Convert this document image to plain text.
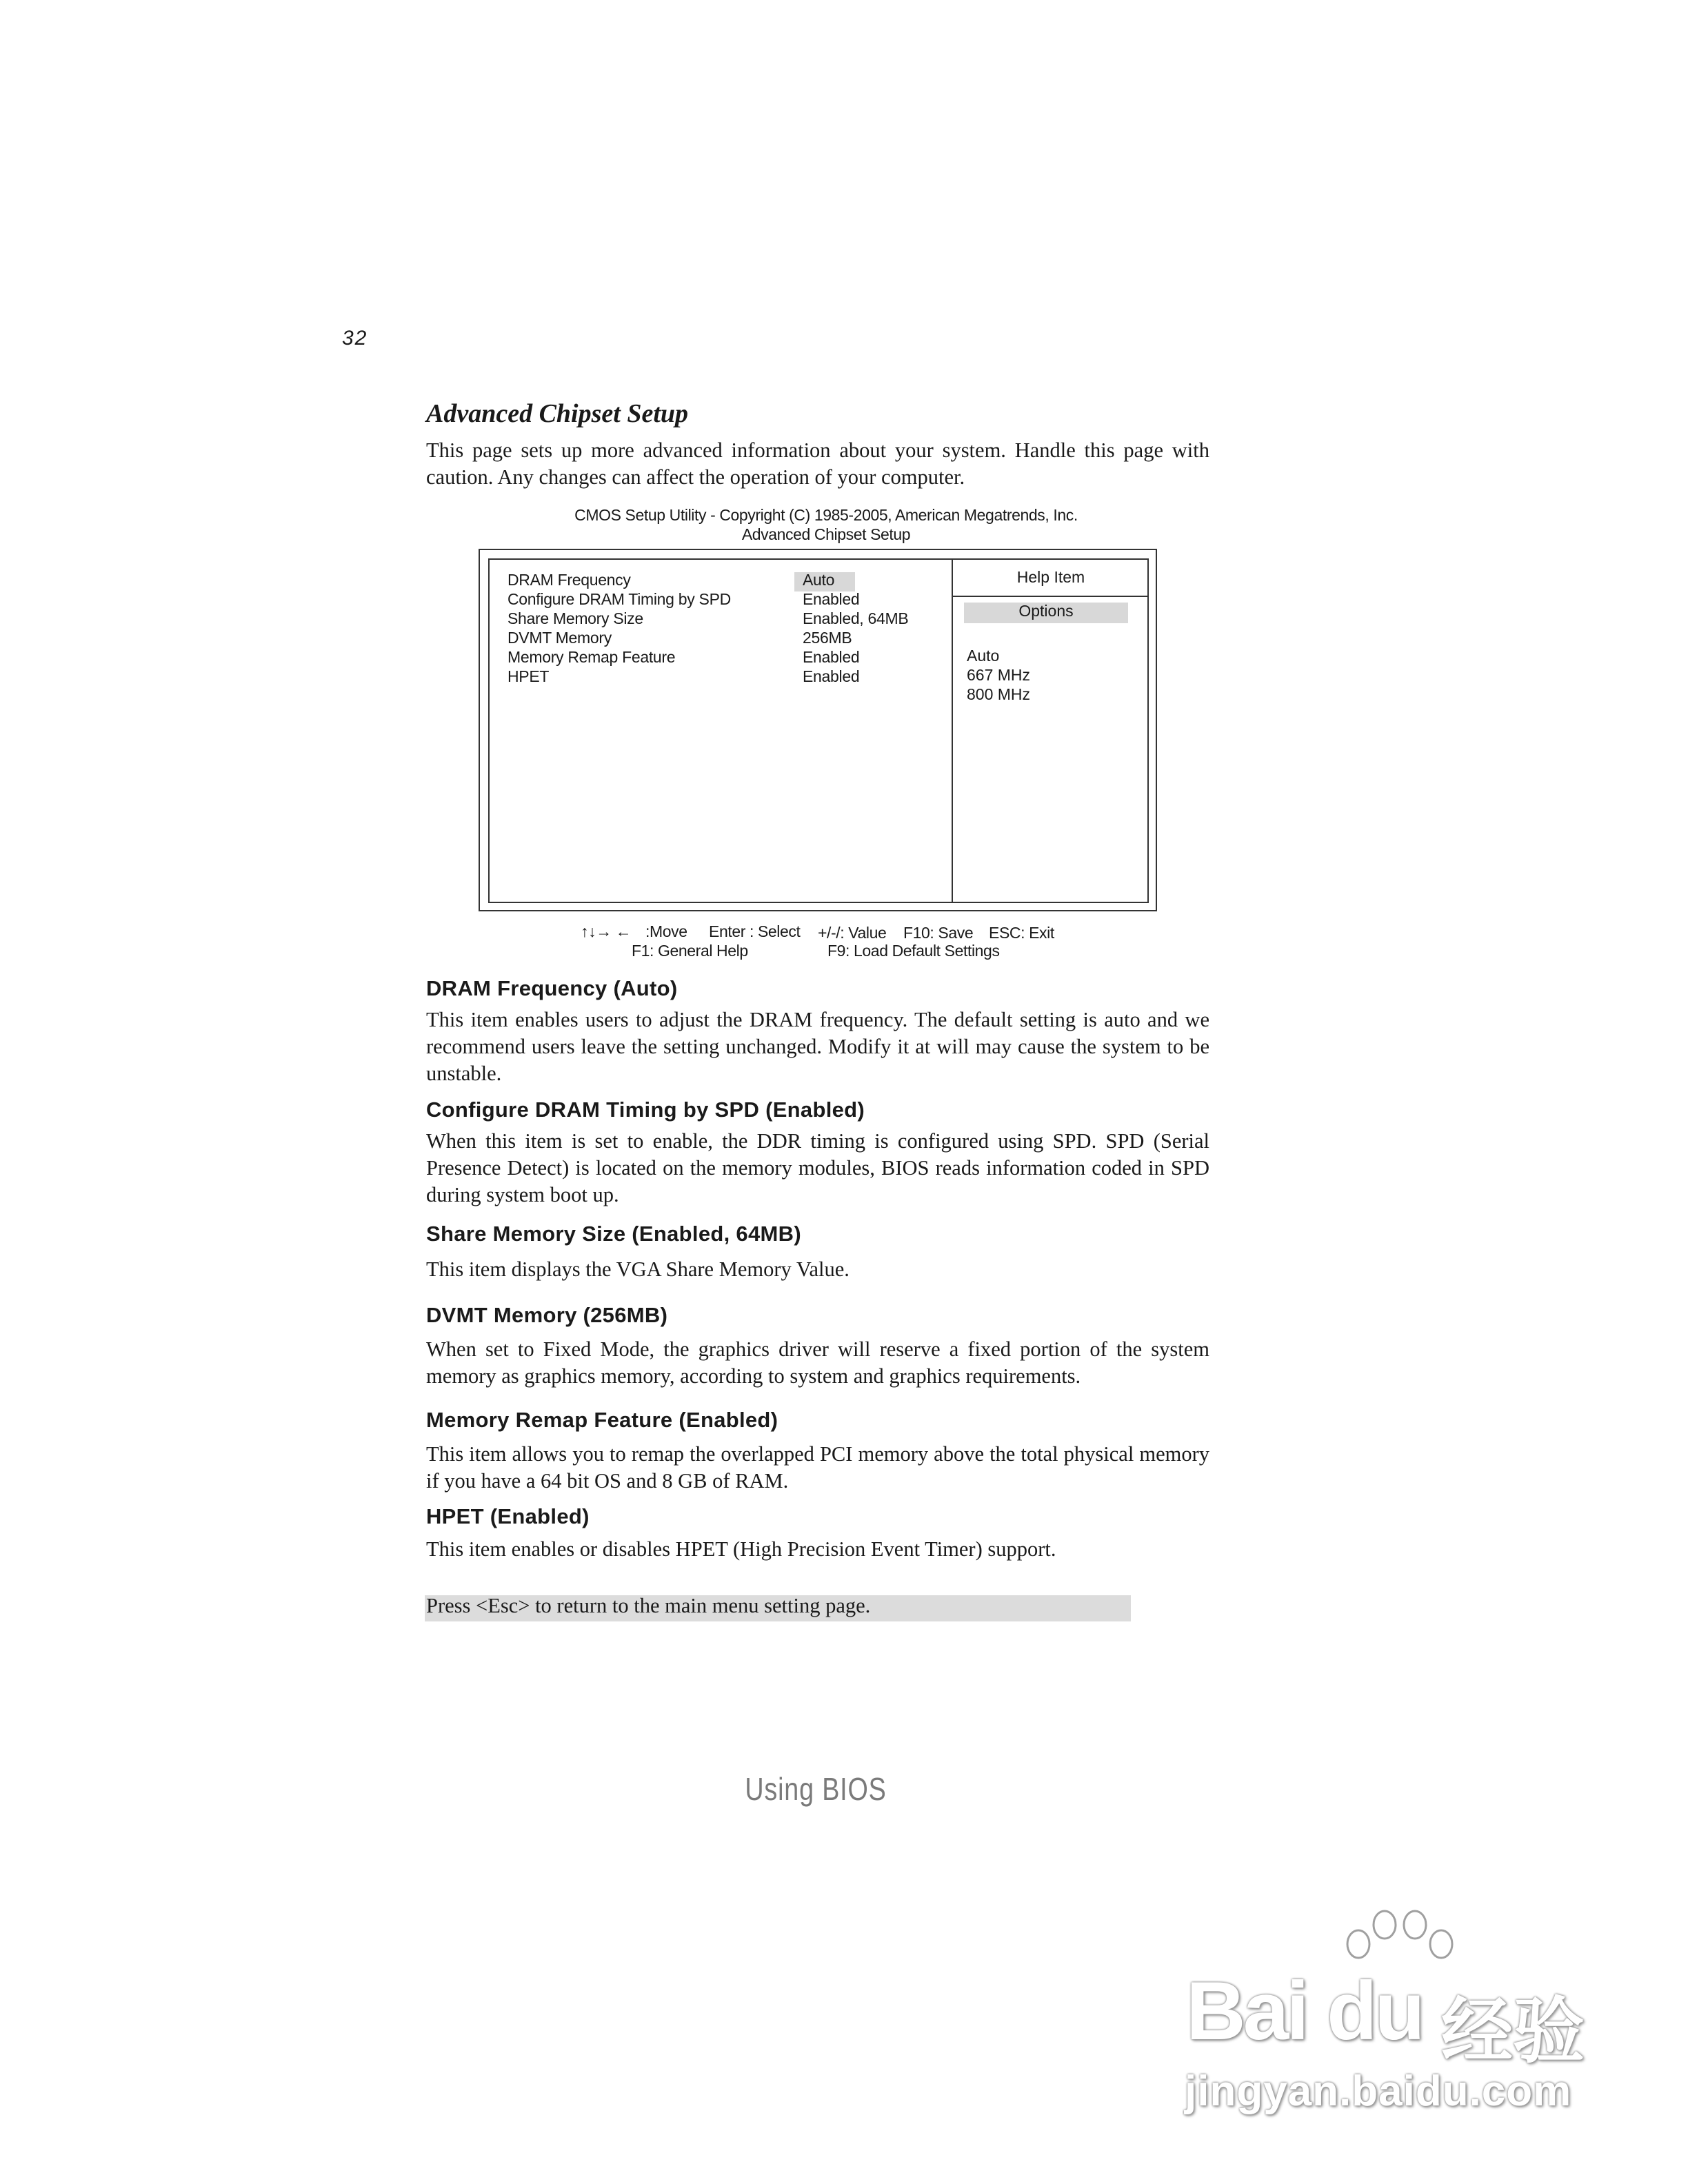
32
Advanced Chipset Setup
This page sets up more advanced information about your system. Handle this page with caution. Any changes can affect the operation of your computer.
CMOS Setup Utility - Copyright (C) 1985-2005, American Megatrends, Inc.
Advanced Chipset Setup
DRAM Frequency	Auto
Configure DRAM Timing by SPD	Enabled
Share Memory Size	Enabled, 64MB
DVMT Memory	256MB
Memory Remap Feature	Enabled
HPET	Enabled
Help Item
Options
Auto
667 MHz
800 MHz
↑↓→ ← :Move Enter : Select +/-/: Value F10: Save ESC: Exit
F1: General Help	F9: Load Default Settings
DRAM Frequency (Auto)
This item enables users to adjust the DRAM frequency. The default setting is auto and we recommend users leave the setting unchanged. Modify it at will may cause the system to be unstable.
Configure DRAM Timing by SPD (Enabled)
When this item is set to enable, the DDR timing is configured using SPD. SPD (Serial Presence Detect) is located on the memory modules, BIOS reads information coded in SPD during system boot up.
Share Memory Size (Enabled, 64MB)
This item displays the VGA Share Memory Value.
DVMT Memory (256MB)
When set to Fixed Mode, the graphics driver will reserve a fixed portion of the system memory as graphics memory, according to system and graphics requirements.
Memory Remap Feature (Enabled)
This item allows you to remap the overlapped PCI memory above the total physical memory if you have a 64 bit OS and 8 GB of RAM.
HPET (Enabled)
This item enables or disables HPET (High Precision Event Timer) support.
Press <Esc> to return to the main menu setting page.
Using BIOS
Bai du 经验
jingyan.baidu.com
